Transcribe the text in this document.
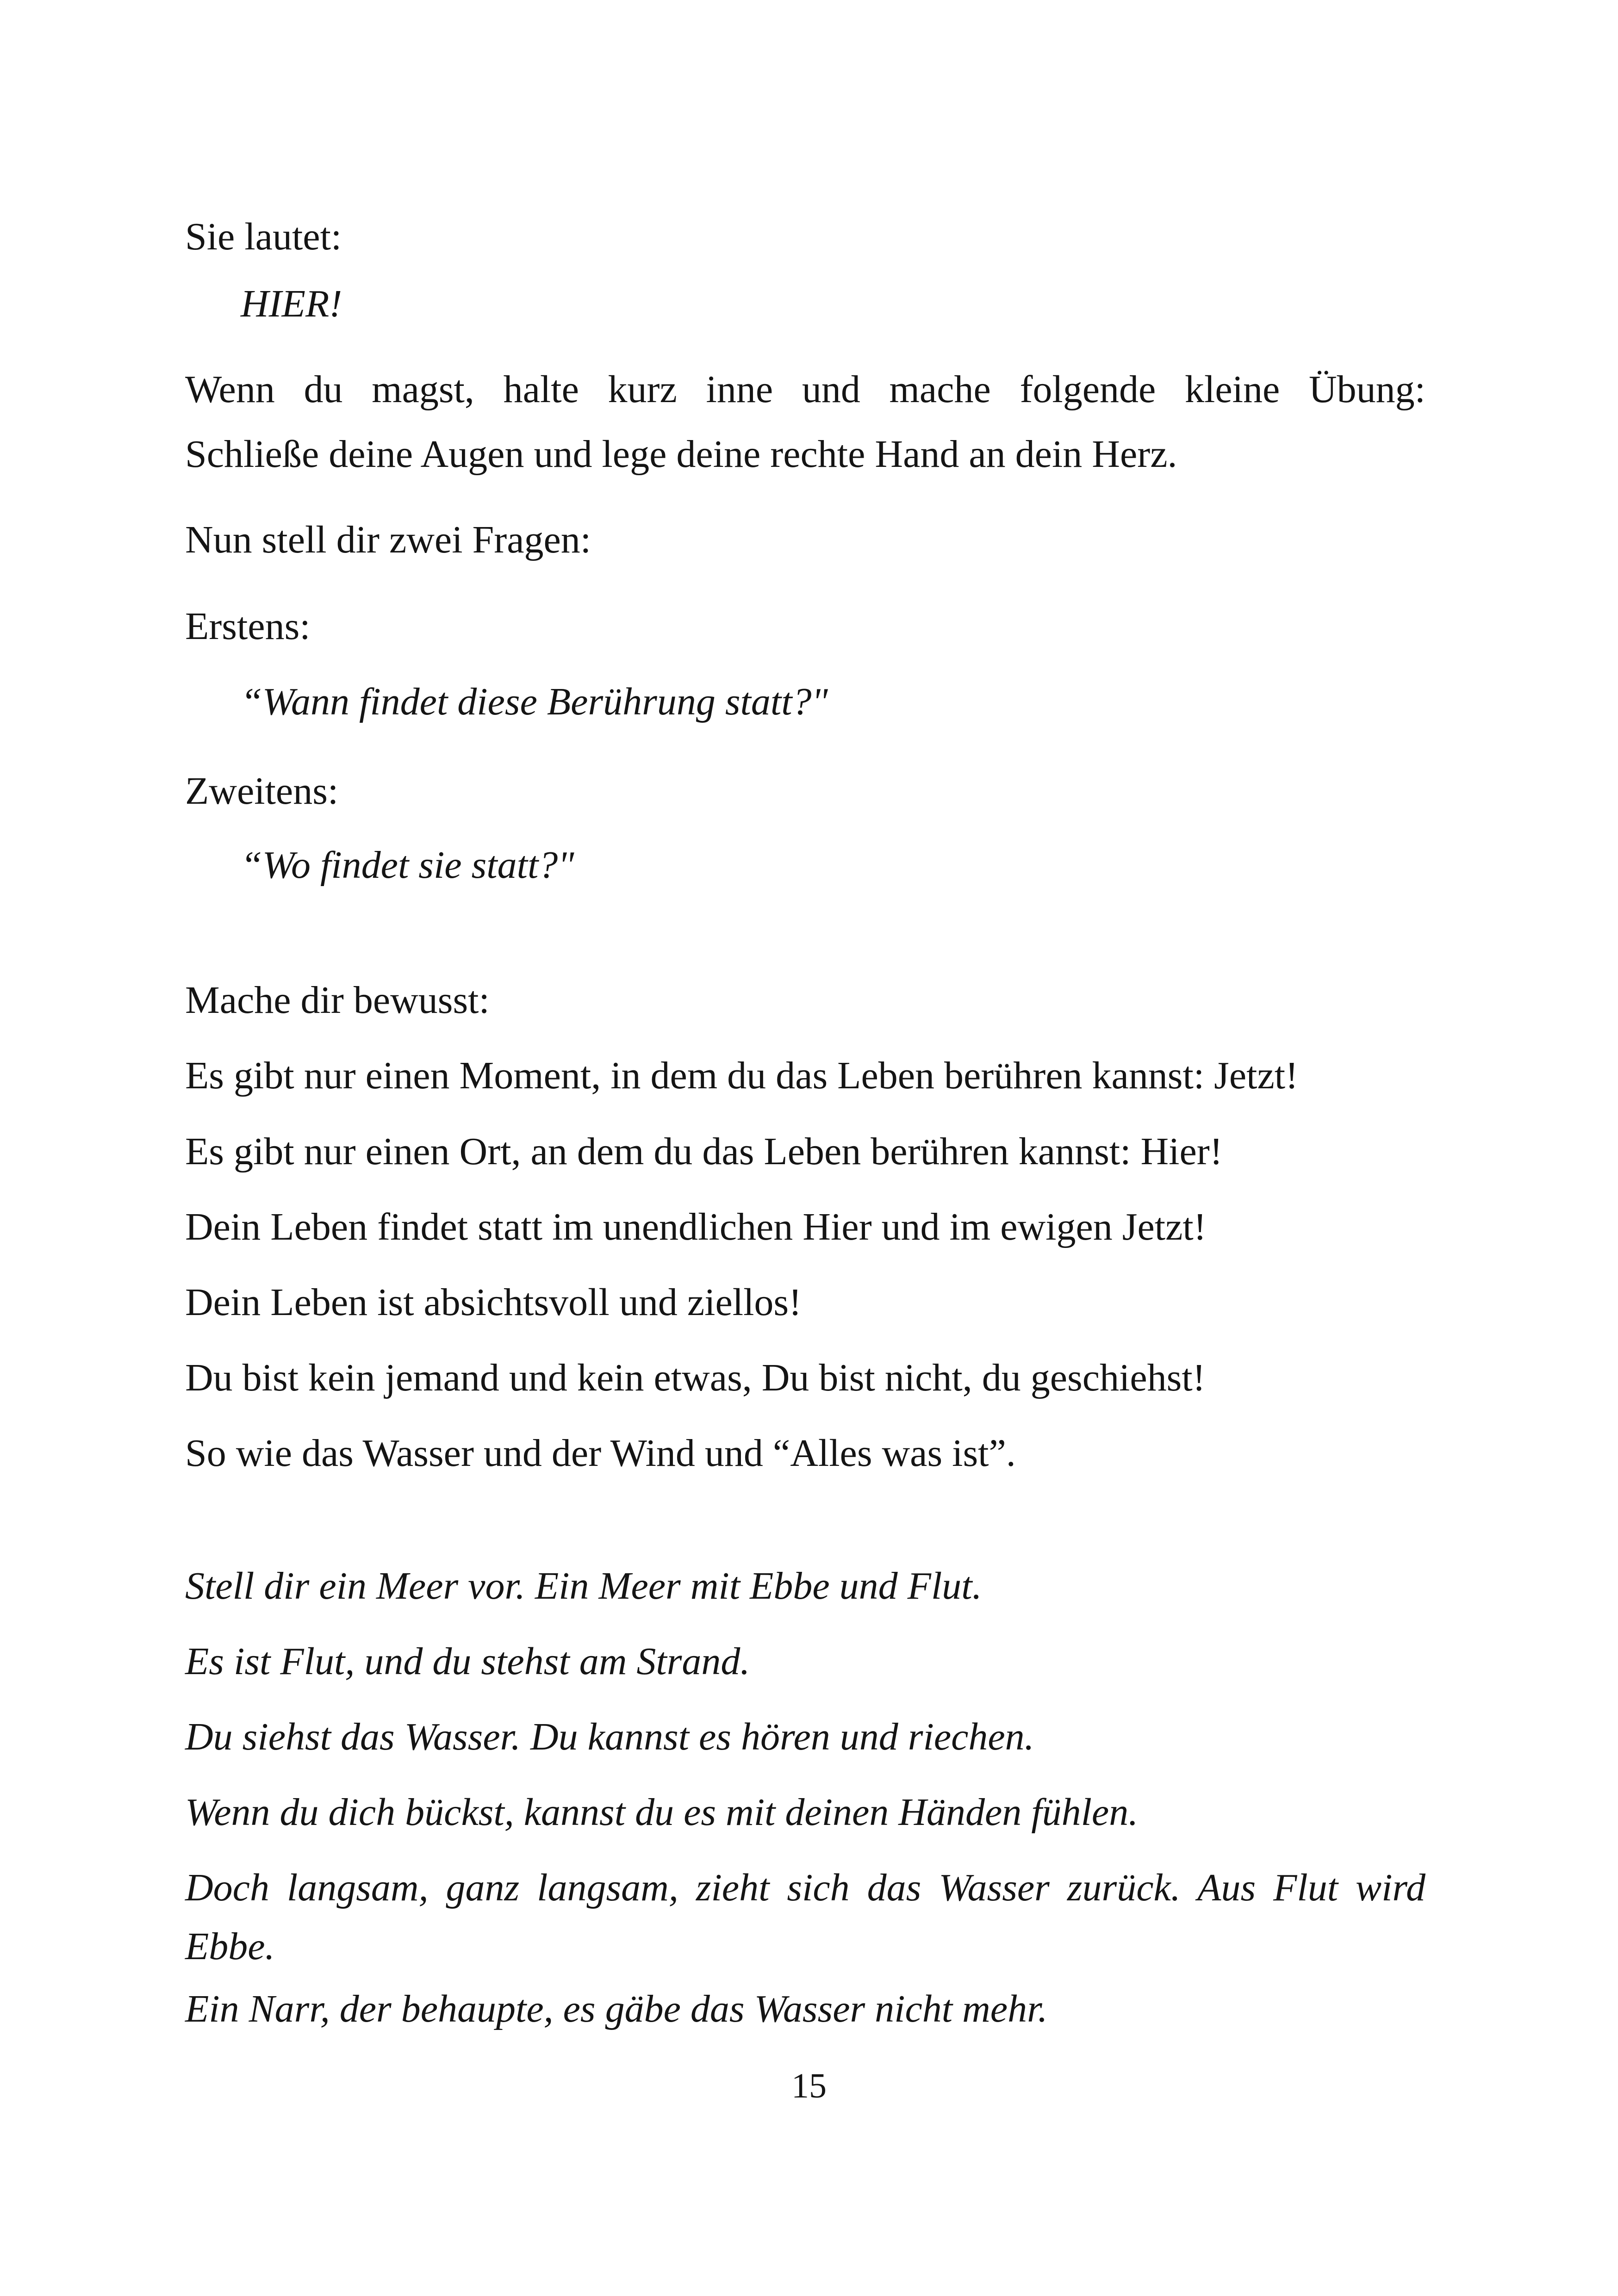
Sie lautet:

HIER!

Wenn du magst, halte kurz inne und mache folgende kleine Übung:

Schließe deine Augen und lege deine rechte Hand an dein Herz.

Nun stell dir zwei Fragen:

Erstens:

“Wann findet diese Berührung statt?"

Zweitens:

“Wo findet sie statt?"

Mache dir bewusst:

Es gibt nur einen Moment, in dem du das Leben berühren kannst: Jetzt!

Es gibt nur einen Ort, an dem du das Leben berühren kannst: Hier!

Dein Leben findet statt im unendlichen Hier und im ewigen Jetzt!

Dein Leben ist absichtsvoll und ziellos!

Du bist kein jemand und kein etwas, Du bist nicht, du geschiehst!

So wie das Wasser und der Wind und “Alles was ist”.

Stell dir ein Meer vor. Ein Meer mit Ebbe und Flut.

Es ist Flut, und du stehst am Strand.

Du siehst das Wasser. Du kannst es hören und riechen.

Wenn du dich bückst, kannst du es mit deinen Händen fühlen.

Doch langsam, ganz langsam, zieht sich das Wasser zurück. Aus Flut wird

Ebbe.

Ein Narr, der behaupte, es gäbe das Wasser nicht mehr.

15
